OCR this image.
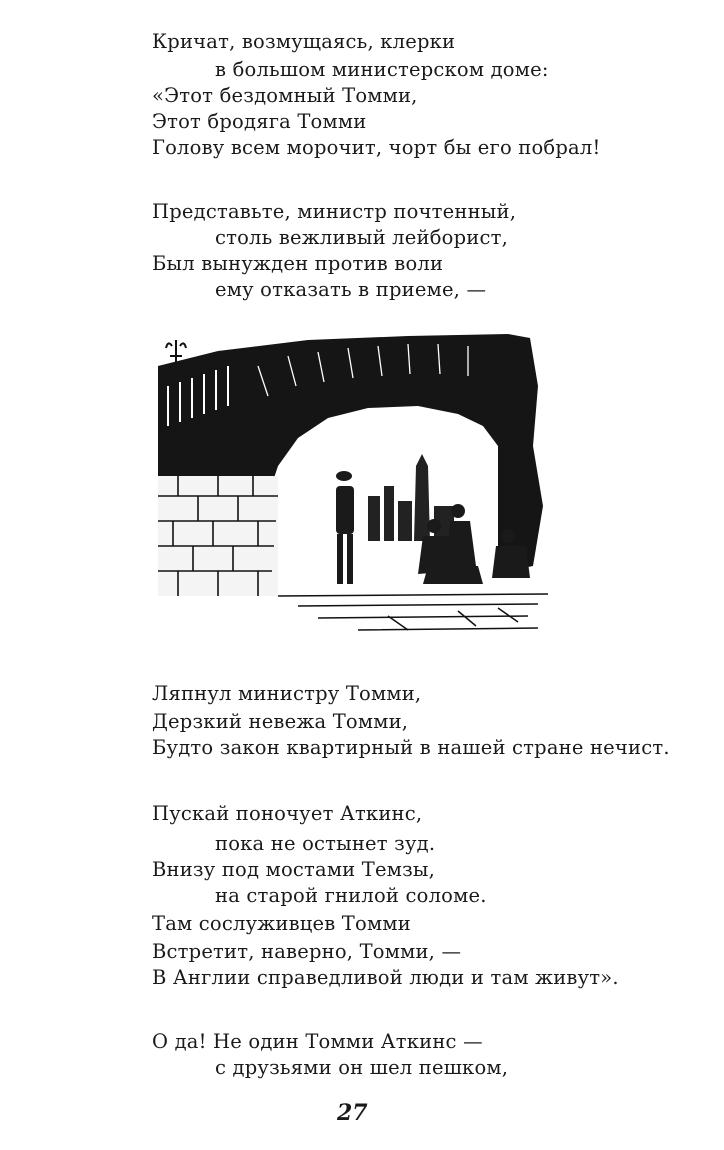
Кричат, возмущаясь, клерки
в большом министерском доме:
«Этот бездомный Томми,
Этот бродяга Томми
Голову всем морочит, чорт бы его побрал!
Представьте, министр почтенный,
столь вежливый лейборист,
Был вынужден против воли
ему отказать в приеме, —
Ляпнул министру Томми,
Дерзкий невежа Томми,
Будто закон квартирный в нашей стране нечист.
Пускай поночует Аткинс,
пока не остынет зуд.
Внизу под мостами Темзы,
на старой гнилой соломе.
Там сослуживцев Томми
Встретит, наверно, Томми, —
В Англии справедливой люди и там живут».
О да! Не один Томми Аткинс —
с друзьями он шел пешком,
27
